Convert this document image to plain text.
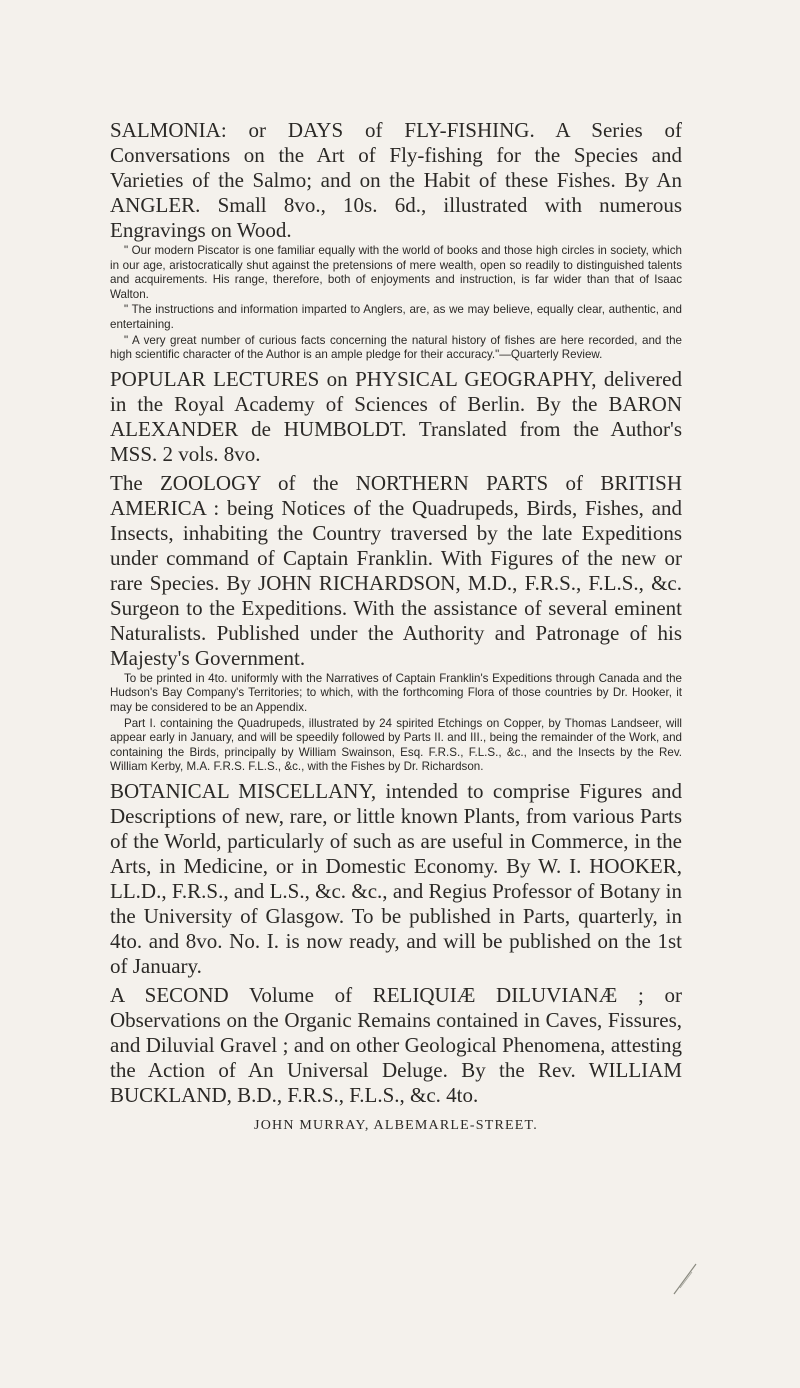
SALMONIA: or DAYS of FLY-FISHING. A Series of Conversations on the Art of Fly-fishing for the Species and Varieties of the Salmo; and on the Habit of these Fishes. By An ANGLER. Small 8vo., 10s. 6d., illustrated with numerous Engravings on Wood.

" Our modern Piscator is one familiar equally with the world of books and those high circles in society, which in our age, aristocratically shut against the pretensions of mere wealth, open so readily to distinguished talents and acquirements. His range, therefore, both of enjoyments and instruction, is far wider than that of Isaac Walton.

" The instructions and information imparted to Anglers, are, as we may believe, equally clear, authentic, and entertaining.

" A very great number of curious facts concerning the natural history of fishes are here recorded, and the high scientific character of the Author is an ample pledge for their accuracy."—Quarterly Review.

POPULAR LECTURES on PHYSICAL GEOGRAPHY, delivered in the Royal Academy of Sciences of Berlin. By the BARON ALEXANDER de HUMBOLDT. Translated from the Author's MSS. 2 vols. 8vo.

The ZOOLOGY of the NORTHERN PARTS of BRITISH AMERICA : being Notices of the Quadrupeds, Birds, Fishes, and Insects, inhabiting the Country traversed by the late Expeditions under command of Captain Franklin. With Figures of the new or rare Species. By JOHN RICHARDSON, M.D., F.R.S., F.L.S., &c. Surgeon to the Expeditions. With the assistance of several eminent Naturalists. Published under the Authority and Patronage of his Majesty's Government.

To be printed in 4to. uniformly with the Narratives of Captain Franklin's Expeditions through Canada and the Hudson's Bay Company's Territories; to which, with the forthcoming Flora of those countries by Dr. Hooker, it may be considered to be an Appendix.

Part I. containing the Quadrupeds, illustrated by 24 spirited Etchings on Copper, by Thomas Landseer, will appear early in January, and will be speedily followed by Parts II. and III., being the remainder of the Work, and containing the Birds, principally by William Swainson, Esq. F.R.S., F.L.S., &c., and the Insects by the Rev. William Kerby, M.A. F.R.S. F.L.S., &c., with the Fishes by Dr. Richardson.

BOTANICAL MISCELLANY, intended to comprise Figures and Descriptions of new, rare, or little known Plants, from various Parts of the World, particularly of such as are useful in Commerce, in the Arts, in Medicine, or in Domestic Economy. By W. I. HOOKER, LL.D., F.R.S., and L.S., &c. &c., and Regius Professor of Botany in the University of Glasgow. To be published in Parts, quarterly, in 4to. and 8vo. No. I. is now ready, and will be published on the 1st of January.

A SECOND Volume of RELIQUIÆ DILUVIANÆ ; or Observations on the Organic Remains contained in Caves, Fissures, and Diluvial Gravel ; and on other Geological Phenomena, attesting the Action of An Universal Deluge. By the Rev. WILLIAM BUCKLAND, B.D., F.R.S., F.L.S., &c. 4to.

JOHN MURRAY, ALBEMARLE-STREET.
